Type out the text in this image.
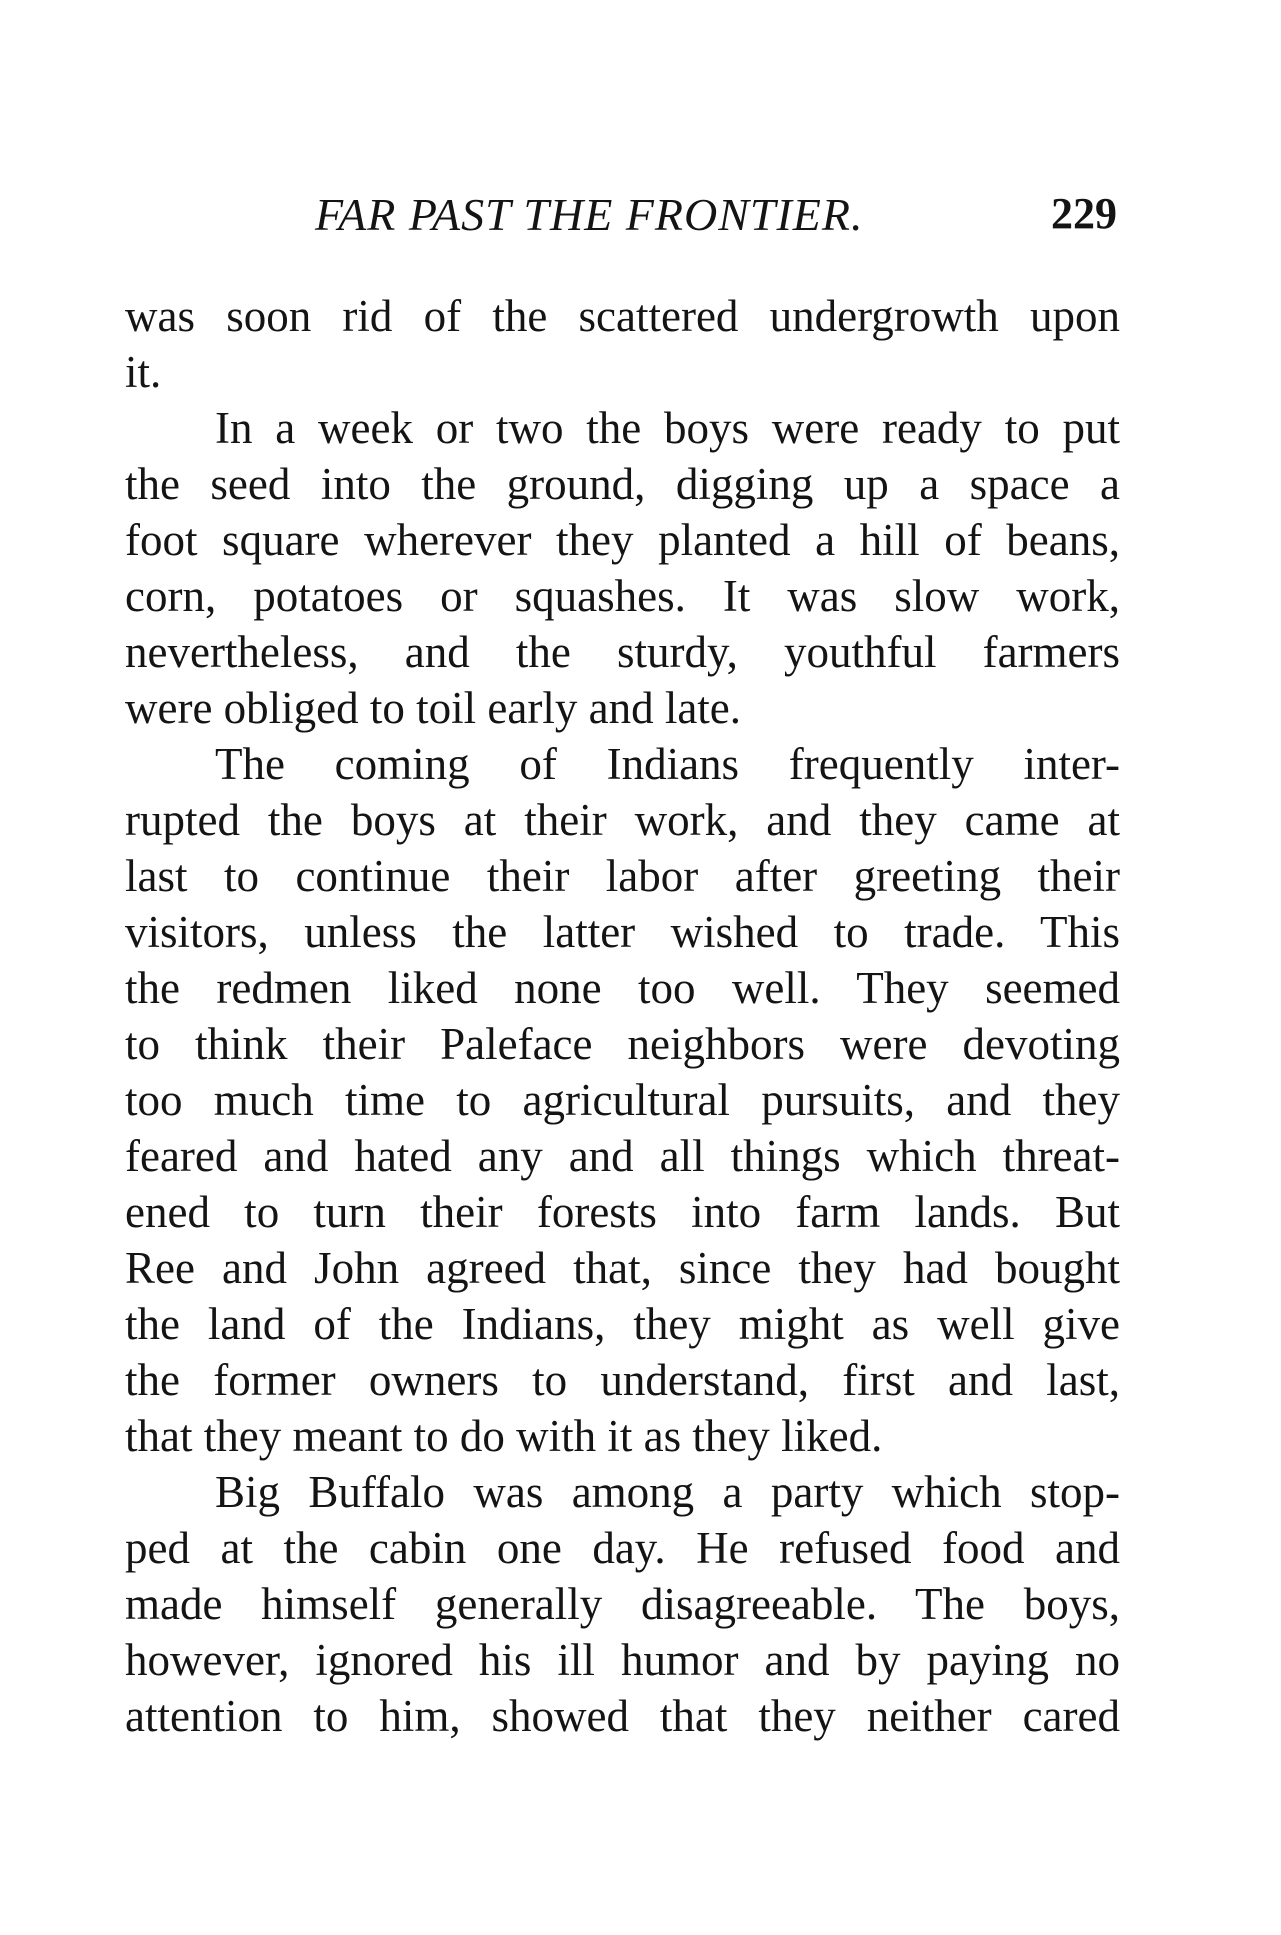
FAR PAST THE FRONTIER.	229
was soon rid of the scattered undergrowth upon
it.
In a week or two the boys were ready to put
the seed into the ground, digging up a space a
foot square wherever they planted a hill of beans,
corn, potatoes or squashes. It was slow work,
nevertheless, and the sturdy, youthful farmers
were obliged to toil early and late.
The coming of Indians frequently inter-
rupted the boys at their work, and they came at
last to continue their labor after greeting their
visitors, unless the latter wished to trade. This
the redmen liked none too well. They seemed
to think their Paleface neighbors were devoting
too much time to agricultural pursuits, and they
feared and hated any and all things which threat-
ened to turn their forests into farm lands. But
Ree and John agreed that, since they had bought
the land of the Indians, they might as well give
the former owners to understand, first and last,
that they meant to do with it as they liked.
Big Buffalo was among a party which stop-
ped at the cabin one day. He refused food and
made himself generally disagreeable. The boys,
however, ignored his ill humor and by paying no
attention to him, showed that they neither cared
